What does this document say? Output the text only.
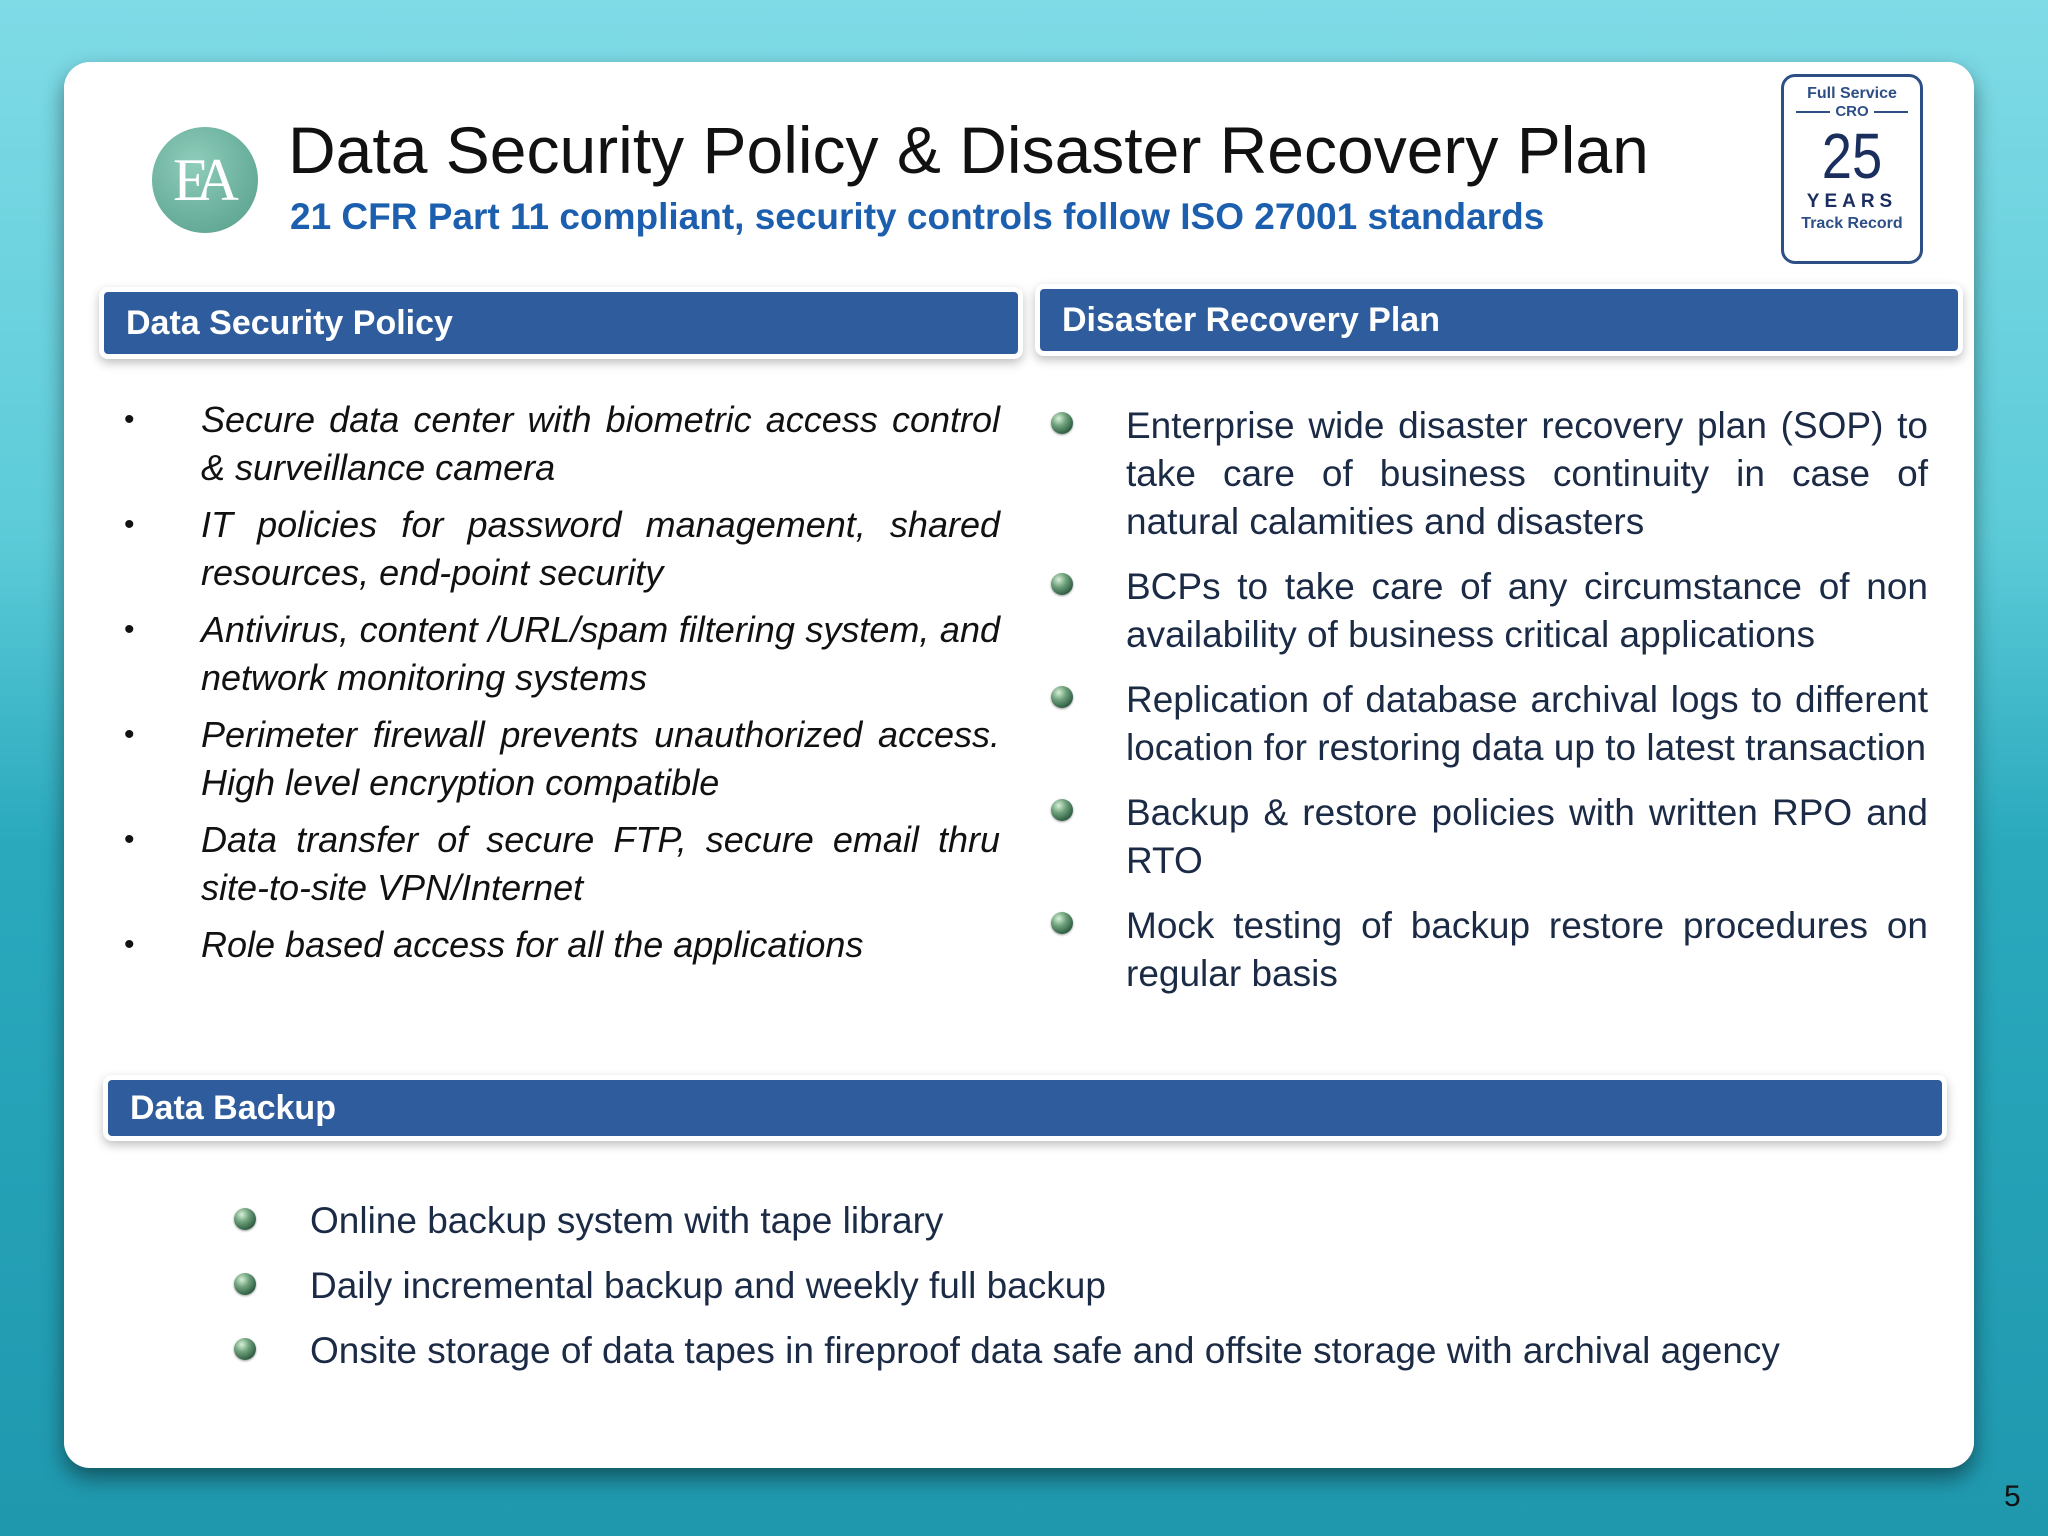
EA Data Security Policy & Disaster Recovery Plan
21 CFR Part 11 compliant, security controls follow ISO 27001 standards
Full Service
CRO
25
YEARS
Track Record
Data Security Policy	Disaster Recovery Plan
• Secure data center with biometric access control & surveillance camera
• IT policies for password management, shared resources, end-point security
• Antivirus, content /URL/spam filtering system, and network monitoring systems
• Perimeter firewall prevents unauthorized access. High level encryption compatible
• Data transfer of secure FTP, secure email thru site-to-site VPN/Internet
• Role based access for all the applications
Enterprise wide disaster recovery plan (SOP) to take care of business continuity in case of natural calamities and disasters
BCPs to take care of any circumstance of non availability of business critical applications
Replication of database archival logs to different location for restoring data up to latest transaction
Backup & restore policies with written RPO and RTO
Mock testing of backup restore procedures on regular basis
Data Backup
Online backup system with tape library
Daily incremental backup and weekly full backup
Onsite storage of data tapes in fireproof data safe and offsite storage with archival agency
5
